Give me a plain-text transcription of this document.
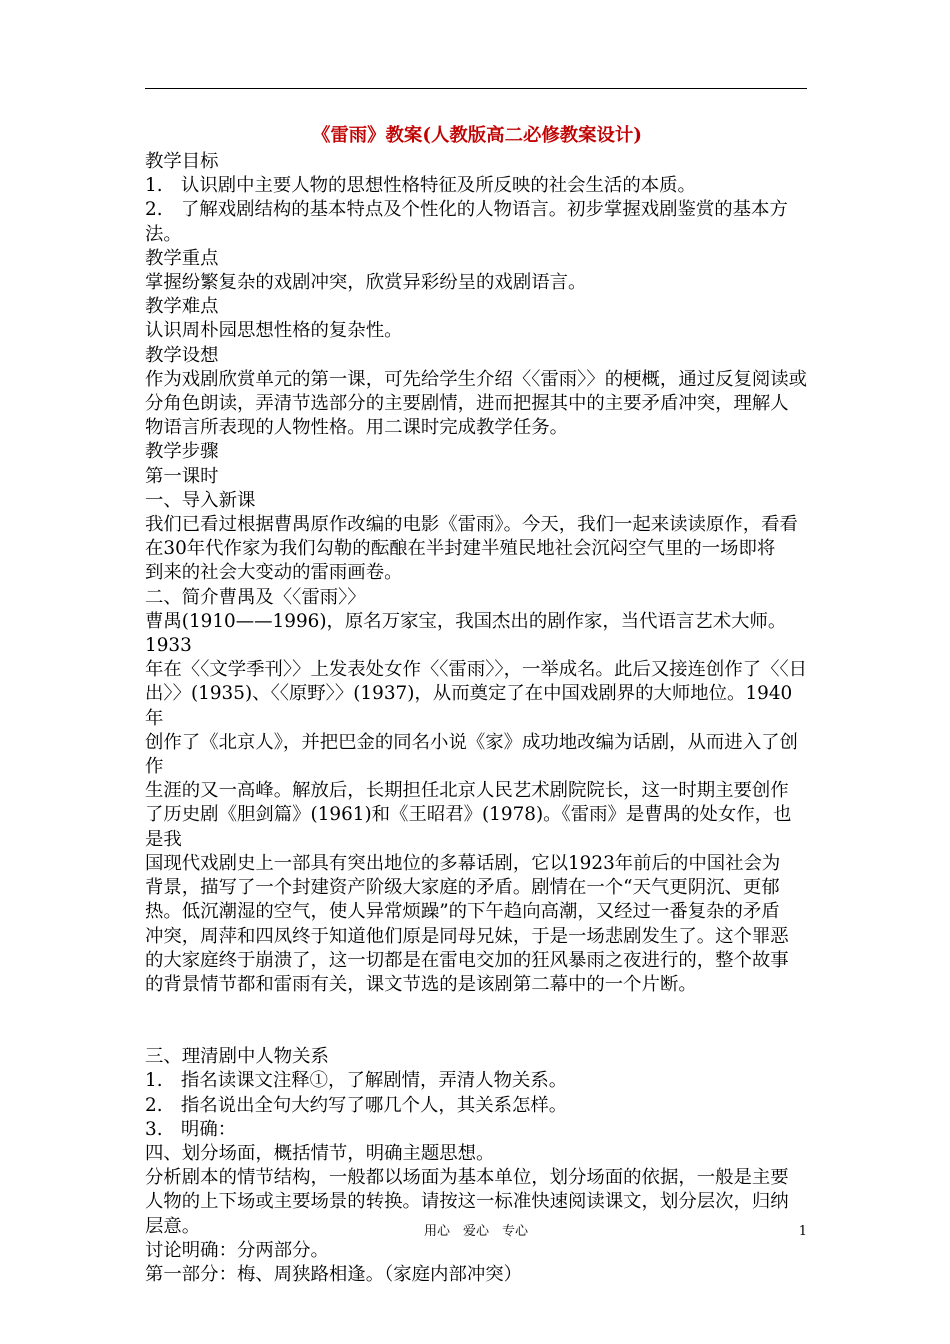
《雷雨》教案(人教版高二必修教案设计)

教学目标

1.　认识剧中主要人物的思想性格特征及所反映的社会生活的本质。

2.　了解戏剧结构的基本特点及个性化的人物语言。初步掌握戏剧鉴赏的基本方

法。

教学重点

掌握纷繁复杂的戏剧冲突，欣赏异彩纷呈的戏剧语言。

教学难点

认识周朴园思想性格的复杂性。

教学设想

作为戏剧欣赏单元的第一课，可先给学生介绍〈〈雷雨〉〉的梗概，通过反复阅读或

分角色朗读，弄清节选部分的主要剧情，进而把握其中的主要矛盾冲突，理解人

物语言所表现的人物性格。用二课时完成教学任务。

教学步骤

第一课时

一、导入新课

我们已看过根据曹禺原作改编的电影《雷雨》。今天，我们一起来读读原作，看看

在30年代作家为我们勾勒的酝酿在半封建半殖民地社会沉闷空气里的一场即将

到来的社会大变动的雷雨画卷。

二、简介曹禺及〈〈雷雨〉〉

曹禺(1910——1996)，原名万家宝，我国杰出的剧作家，当代语言艺术大师。1933

年在〈〈文学季刊〉〉上发表处女作〈〈雷雨〉〉，一举成名。此后又接连创作了〈〈日

出〉〉(1935)、〈〈原野〉〉(1937)，从而奠定了在中国戏剧界的大师地位。1940年

创作了《北京人》，并把巴金的同名小说《家》成功地改编为话剧，从而进入了创作

生涯的又一高峰。解放后，长期担任北京人民艺术剧院院长，这一时期主要创作

了历史剧《胆剑篇》(1961)和《王昭君》(1978)。《雷雨》是曹禺的处女作，也是我

国现代戏剧史上一部具有突出地位的多幕话剧，它以1923年前后的中国社会为

背景，描写了一个封建资产阶级大家庭的矛盾。剧情在一个“天气更阴沉、更郁

热。低沉潮湿的空气，使人异常烦躁”的下午趋向高潮，又经过一番复杂的矛盾

冲突，周萍和四凤终于知道他们原是同母兄妹，于是一场悲剧发生了。这个罪恶

的大家庭终于崩溃了，这一切都是在雷电交加的狂风暴雨之夜进行的，整个故事

的背景情节都和雷雨有关，课文节选的是该剧第二幕中的一个片断。

三、理清剧中人物关系

1.　指名读课文注释①，了解剧情，弄清人物关系。

2.　指名说出全句大约写了哪几个人，其关系怎样。

3.　明确：

四、划分场面，概括情节，明确主题思想。

分析剧本的情节结构，一般都以场面为基本单位，划分场面的依据，一般是主要

人物的上下场或主要场景的转换。请按这一标准快速阅读课文，划分层次，归纳

层意。

讨论明确：分两部分。

第一部分：梅、周狭路相逢。（家庭内部冲突）

用心　爱心　专心	1
